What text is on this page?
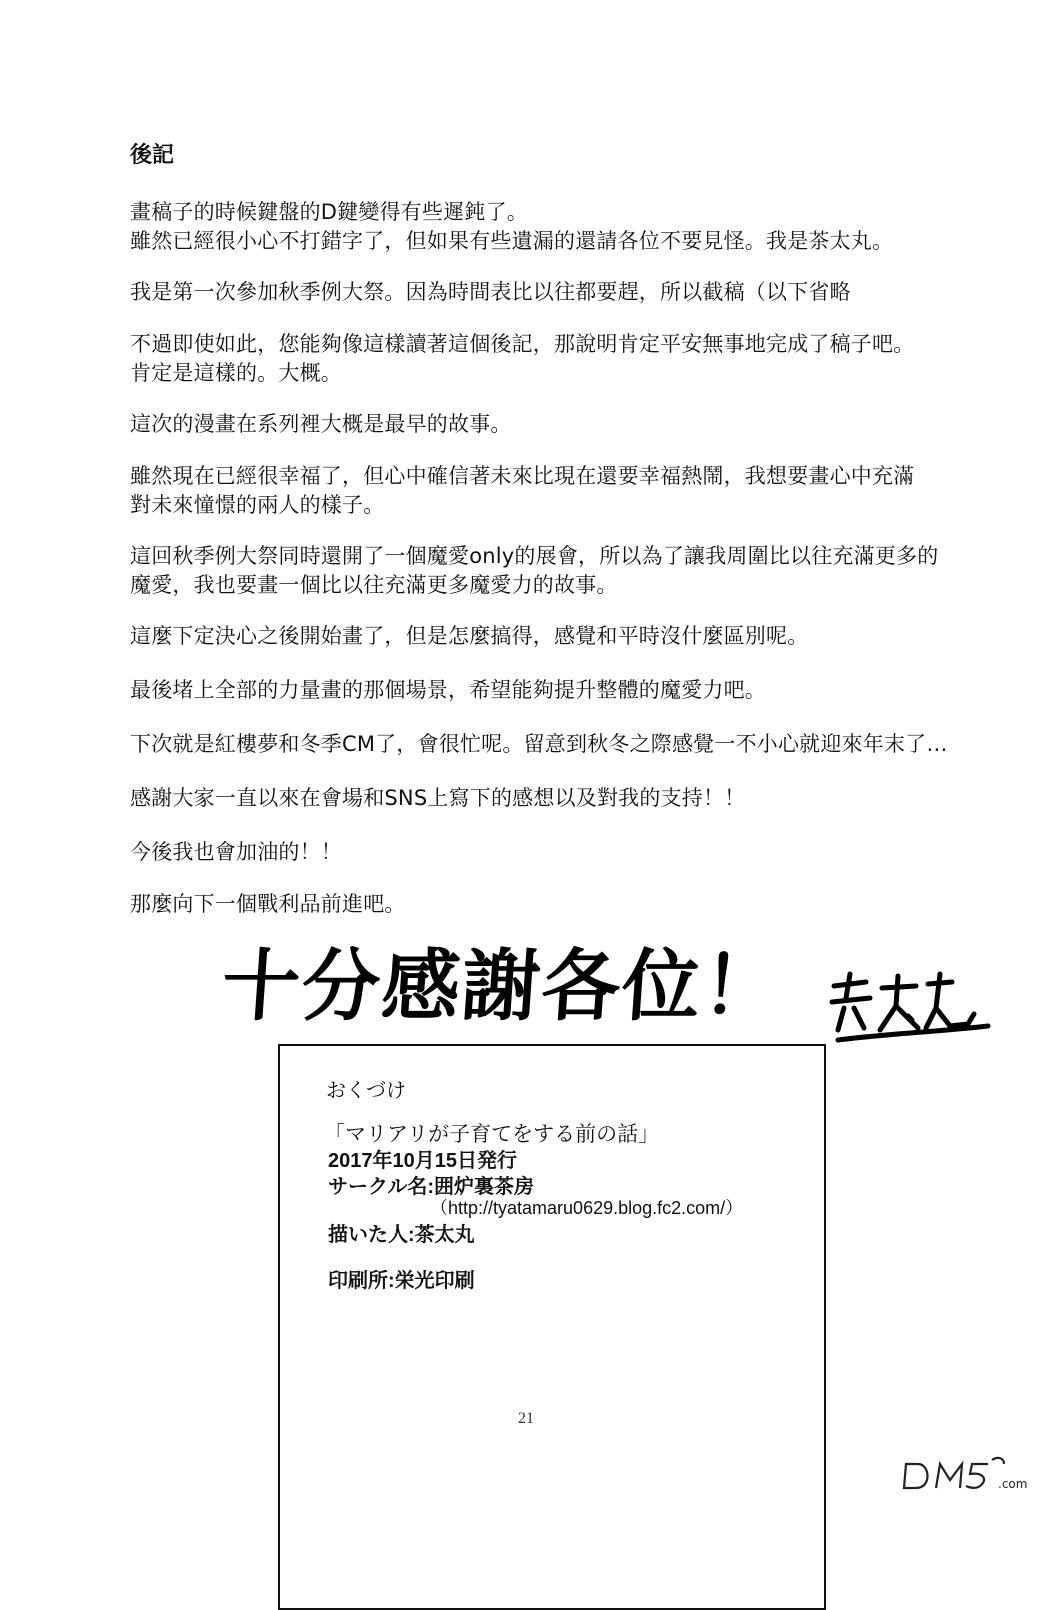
後記

畫稿子的時候鍵盤的D鍵變得有些遲鈍了。
雖然已經很小心不打錯字了，但如果有些遺漏的還請各位不要見怪。我是茶太丸。

我是第一次參加秋季例大祭。因為時間表比以往都要趕，所以截稿（以下省略

不過即使如此，您能夠像這樣讀著這個後記，那說明肯定平安無事地完成了稿子吧。
肯定是這樣的。大概。

這次的漫畫在系列裡大概是最早的故事。

雖然現在已經很幸福了，但心中確信著未來比現在還要幸福熱鬧，我想要畫心中充滿
對未來憧憬的兩人的樣子。

這回秋季例大祭同時還開了一個魔愛only的展會，所以為了讓我周圍比以往充滿更多的
魔愛，我也要畫一個比以往充滿更多魔愛力的故事。

這麼下定決心之後開始畫了，但是怎麼搞得，感覺和平時沒什麼區別呢。

最後堵上全部的力量畫的那個場景，希望能夠提升整體的魔愛力吧。

下次就是紅樓夢和冬季CM了，會很忙呢。留意到秋冬之際感覺一不小心就迎來年末了…

感謝大家一直以來在會場和SNS上寫下的感想以及對我的支持！！

今後我也會加油的！！

那麼向下一個戰利品前進吧。

十分感謝各位！

おくづけ

「マリアリが子育てをする前の話」

2017年10月15日発行

サークル名:囲炉裏茶房

（http://tyatamaru0629.blog.fc2.com/）

描いた人:茶太丸

印刷所:栄光印刷

21
.com
